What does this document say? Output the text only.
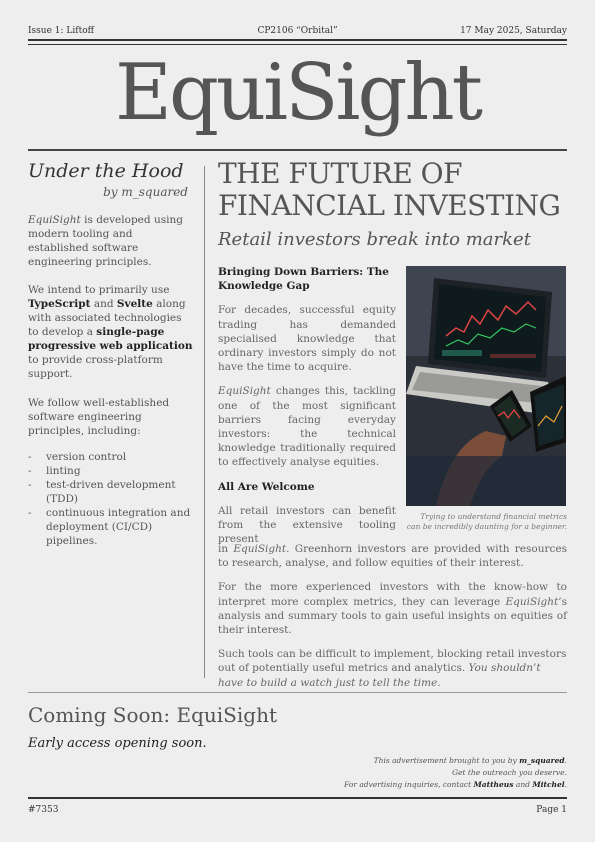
Issue 1: Liftoff	CP2106 “Orbital”	17 May 2025, Saturday
EquiSight
Under the Hood
by m_squared

EquiSight is developed using modern tooling and established software engineering principles.

We intend to primarily use TypeScript and Svelte along with associated technologies to develop a single-page progressive web application to provide cross-platform support.

We follow well-established software engineering principles, including:
- version control
- linting
- test-driven development (TDD)
- continuous integration and deployment (CI/CD) pipelines.
THE FUTURE OF FINANCIAL INVESTING
Retail investors break into market

Bringing Down Barriers: The Knowledge Gap

For decades, successful equity trading has demanded specialised knowledge that ordinary investors simply do not have the time to acquire.

EquiSight changes this, tackling one of the most significant barriers facing everyday investors: the technical knowledge traditionally required to effectively analyse equities.

All Are Welcome

All retail investors can benefit from the extensive tooling present

in EquiSight. Greenhorn investors are provided with resources to research, analyse, and follow equities of their interest.

For the more experienced investors with the know-how to interpret more complex metrics, they can leverage EquiSight’s analysis and summary tools to gain useful insights on equities of their interest.

Such tools can be difficult to implement, blocking retail investors out of potentially useful metrics and analytics. You shouldn’t have to build a watch just to tell the time.

Trying to understand financial metrics can be incredibly daunting for a beginner.
Coming Soon: EquiSight
Early access opening soon.
This advertisement brought to you by m_squared.
Get the outreach you deserve.
For advertising inquiries, contact Mattheus and Mitchel.
#7353	Page 1
